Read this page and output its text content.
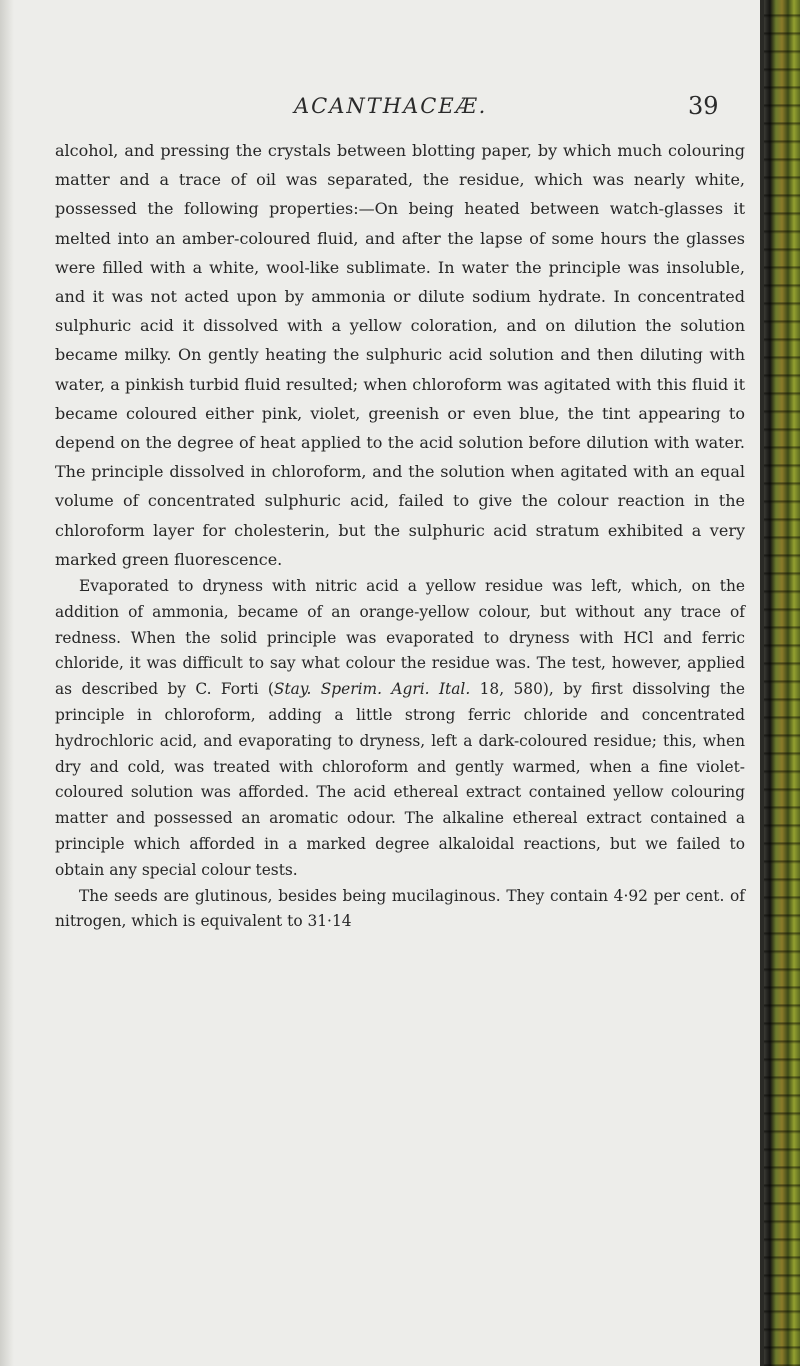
ACANTHACEÆ.	39

alcohol, and pressing the crystals between blotting paper, by which much colouring matter and a trace of oil was separated, the residue, which was nearly white, possessed the following properties:—On being heated between watch-glasses it melted into an amber-coloured fluid, and after the lapse of some hours the glasses were filled with a white, wool-like sublimate. In water the principle was insoluble, and it was not acted upon by ammonia or dilute sodium hydrate. In concentrated sulphuric acid it dissolved with a yellow coloration, and on dilution the solution became milky. On gently heating the sulphuric acid solution and then diluting with water, a pinkish turbid fluid resulted; when chloroform was agitated with this fluid it became coloured either pink, violet, greenish or even blue, the tint appearing to depend on the degree of heat applied to the acid solution before dilution with water. The principle dissolved in chloroform, and the solution when agitated with an equal volume of concentrated sulphuric acid, failed to give the colour reaction in the chloroform layer for cholesterin, but the sulphuric acid stratum exhibited a very marked green fluorescence.

Evaporated to dryness with nitric acid a yellow residue was left, which, on the addition of ammonia, became of an orange-yellow colour, but without any trace of redness. When the solid principle was evaporated to dryness with HCl and ferric chloride, it was difficult to say what colour the residue was. The test, however, applied as described by C. Forti (Stay. Sperim. Agri. Ital. 18, 580), by first dissolving the principle in chloroform, adding a little strong ferric chloride and concentrated hydrochloric acid, and evaporating to dryness, left a dark-coloured residue; this, when dry and cold, was treated with chloroform and gently warmed, when a fine violet-coloured solution was afforded. The acid ethereal extract contained yellow colouring matter and possessed an aromatic odour. The alkaline ethereal extract contained a principle which afforded in a marked degree alkaloidal reactions, but we failed to obtain any special colour tests.

The seeds are glutinous, besides being mucilaginous. They contain 4·92 per cent. of nitrogen, which is equivalent to 31·14
